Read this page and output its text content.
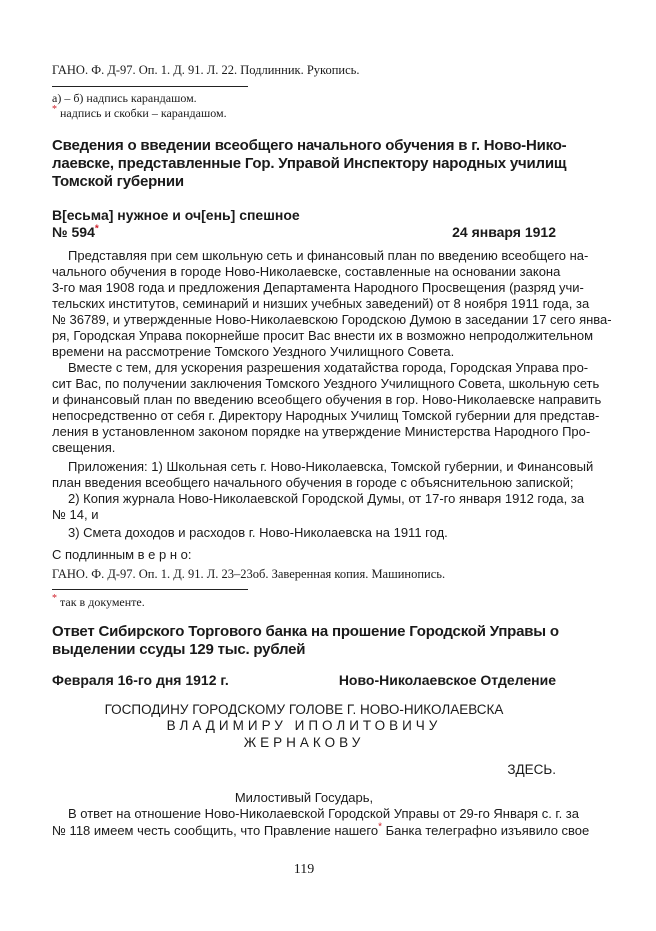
ГАНО. Ф. Д-97. Оп. 1. Д. 91. Л. 22. Подлинник. Рукопись.
а) – б) надпись карандашом.
* надпись и скобки – карандашом.
Сведения о введении всеобщего начального обучения в г. Ново-Нико-
лаевске, представленные Гор. Управой Инспектору народных училищ
Томской губернии
В[есьма] нужное и оч[ень] спешное
№ 594*	24 января 1912
Представляя при сем школьную сеть и финансовый план по введению всеобщего на-
чального обучения в городе Ново-Николаевске, составленные на основании закона
3-го мая 1908 года и предложения Департамента Народного Просвещения (разряд учи-
тельских институтов, семинарий и низших учебных заведений) от 8 ноября 1911 года, за
№ 36789, и утвержденные Ново-Николаевскою Городскою Думою в заседании 17 сего янва-
ря, Городская Управа покорнейше просит Вас внести их в возможно непродолжительном
времени на рассмотрение Томского Уездного Училищного Совета.
Вместе с тем, для ускорения разрешения ходатайства города, Городская Управа про-
сит Вас, по получении заключения Томского Уездного Училищного Совета, школьную сеть
и финансовый план по введению всеобщего обучения в гор. Ново-Николаевске направить
непосредственно от себя г. Директору Народных Училищ Томской губернии для представ-
ления в установленном законом порядке на утверждение Министерства Народного Про-
свещения.
Приложения: 1) Школьная сеть г. Ново-Николаевска, Томской губернии, и Финансовый
план введения всеобщего начального обучения в городе с объяснительною запиской;
2) Копия журнала Ново-Николаевской Городской Думы, от 17-го января 1912 года, за
№ 14, и
3) Смета доходов и расходов г. Ново-Николаевска на 1911 год.
С подлинным в е р н о:
ГАНО. Ф. Д-97. Оп. 1. Д. 91. Л. 23–23об. Заверенная копия. Машинопись.
* так в документе.
Ответ Сибирского Торгового банка на прошение Городской Управы о
выделении ссуды 129 тыс. рублей
Февраля 16-го дня 1912 г.	Ново-Николаевское Отделение
ГОСПОДИНУ ГОРОДСКОМУ ГОЛОВЕ Г. НОВО-НИКОЛАЕВСКА
ВЛАДИМИРУ ИПОЛИТОВИЧУ
ЖЕРНАКОВУ
ЗДЕСЬ.
Милостивый Государь,
В ответ на отношение Ново-Николаевской Городской Управы от 29-го Января с. г. за
№ 118 имеем честь сообщить, что Правление нашего* Банка телеграфно изъявило свое
119
